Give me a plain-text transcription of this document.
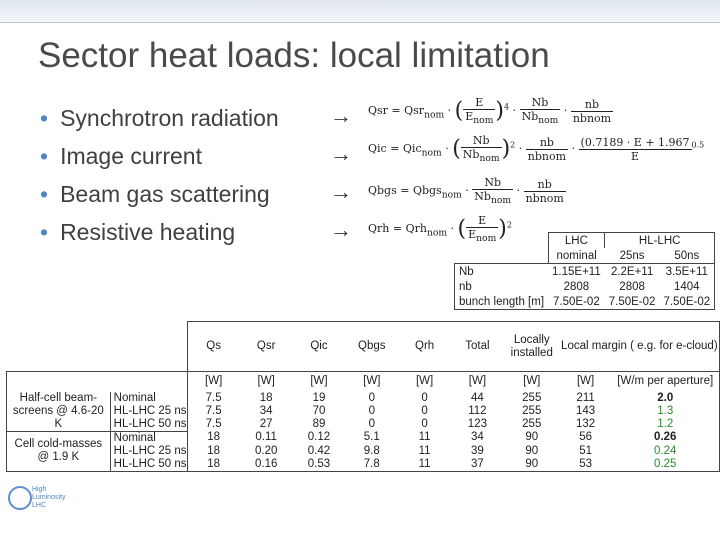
Sector heat loads: local limitation
• Synchrotron radiation
• Image current
• Beam gas scattering
• Resistive heating
→
→
→
→
Qsr = Qsr$_{nom}$ · ( $\frac{E}{E_{nom}} )^4 \cdot \frac{Nb}{Nb_{nom}} \cdot \frac{nb}{\text{nbnom}}$
Qic = Qic$_{nom}$ · ( $\frac{Nb}{Nb_{nom}} )^2 \cdot \frac{nb}{\text{nbnom}} \cdot \frac{(0.7189 \cdot E + 1.967}{E} ^{0.5}$
Qbgs = Qbgs$_{nom}$ · $\frac{Nb}{Nb_{nom}} \cdot \frac{nb}{\text{nbnom}}$
Qrh = Qrh$_{nom}$ · ( $\frac{E}{E_{nom}} )^2$
	LHC	HL-LHC	
	nominal	25ns	50ns
Nb	1.15E+11	2.2E+11	3.5E+11
nb	2808	2808	1404
bunch length [m]	7.50E-02	7.50E-02	7.50E-02
		Qs	Qsr	Qic	Qbgs	Qrh	Total	Locally installed	Local margin ( e.g. for e-cloud)	
		[W]	[W]	[W]	[W]	[W]	[W]	[W]	[W]	[W/m per aperture]
Half-cell beam-screens @ 4.6-20 K	Nominal	7.5	18	19	0	0	44	255	211	2.0
	HL-LHC 25 ns	7.5	34	70	0	0	112	255	143	1.3
	HL-LHC 50 ns	7.5	27	89	0	0	123	255	132	1.2
Cell cold-masses @ 1.9 K	Nominal	18	0.11	0.12	5.1	11	34	90	56	0.26
	HL-LHC 25 ns	18	0.20	0.42	9.8	11	39	90	51	0.24
	HL-LHC 50 ns	18	0.16	0.53	7.8	11	37	90	53	0.25
High
Luminosity
LHC
